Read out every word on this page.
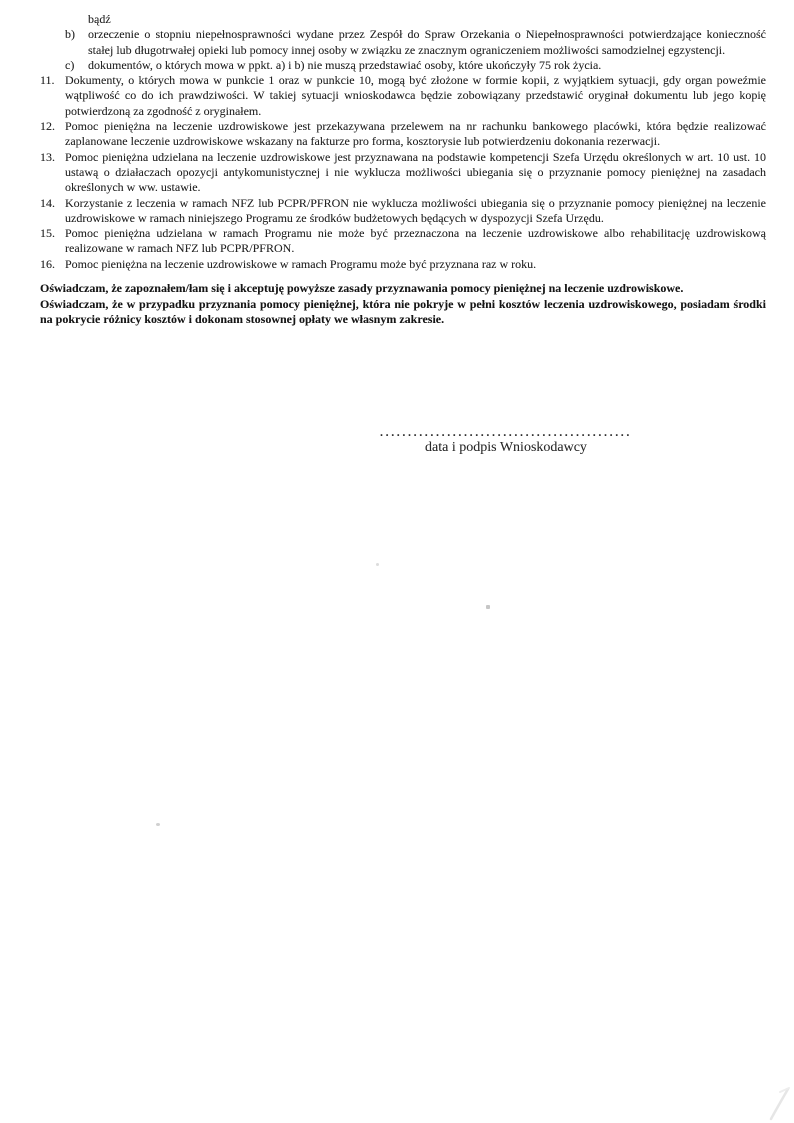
bądź
b)	orzeczenie o stopniu niepełnosprawności wydane przez Zespół do Spraw Orzekania o Niepełnosprawności potwierdzające konieczność stałej lub długotrwałej opieki lub pomocy innej osoby w związku ze znacznym ograniczeniem możliwości samodzielnej egzystencji.
c)	dokumentów, o których mowa w ppkt. a) i b) nie muszą przedstawiać osoby, które ukończyły 75 rok życia.
11. Dokumenty, o których mowa w punkcie 1 oraz w punkcie 10, mogą być złożone w formie kopii, z wyjątkiem sytuacji, gdy organ poweźmie wątpliwość co do ich prawdziwości. W takiej sytuacji wnioskodawca będzie zobowiązany przedstawić oryginał dokumentu lub jego kopię potwierdzoną za zgodność z oryginałem.
12. Pomoc pieniężna na leczenie uzdrowiskowe jest przekazywana przelewem na nr rachunku bankowego placówki, która będzie realizować zaplanowane leczenie uzdrowiskowe wskazany na fakturze pro forma, kosztorysie lub potwierdzeniu dokonania rezerwacji.
13. Pomoc pieniężna udzielana na leczenie uzdrowiskowe jest przyznawana na podstawie kompetencji Szefa Urzędu określonych w art. 10 ust. 10 ustawą o działaczach opozycji antykomunistycznej i nie wyklucza możliwości ubiegania się o przyznanie pomocy pieniężnej na zasadach określonych w ww. ustawie.
14. Korzystanie z leczenia w ramach NFZ lub PCPR/PFRON nie wyklucza możliwości ubiegania się o przyznanie pomocy pieniężnej na leczenie uzdrowiskowe w ramach niniejszego Programu ze środków budżetowych będących w dyspozycji Szefa Urzędu.
15. Pomoc pieniężna udzielana w ramach Programu nie może być przeznaczona na leczenie uzdrowiskowe albo rehabilitację uzdrowiskową realizowane w ramach NFZ lub PCPR/PFRON.
16. Pomoc pieniężna na leczenie uzdrowiskowe w ramach Programu może być przyznana raz w roku.

Oświadczam, że zapoznałem/łam się i akceptuję powyższe zasady przyznawania pomocy pieniężnej na leczenie uzdrowiskowe.

Oświadczam, że w przypadku przyznania pomocy pieniężnej, która nie pokryje w pełni kosztów leczenia uzdrowiskowego, posiadam środki na pokrycie różnicy kosztów i dokonam stosownej opłaty we własnym zakresie.

.............................................
data i podpis Wnioskodawcy
